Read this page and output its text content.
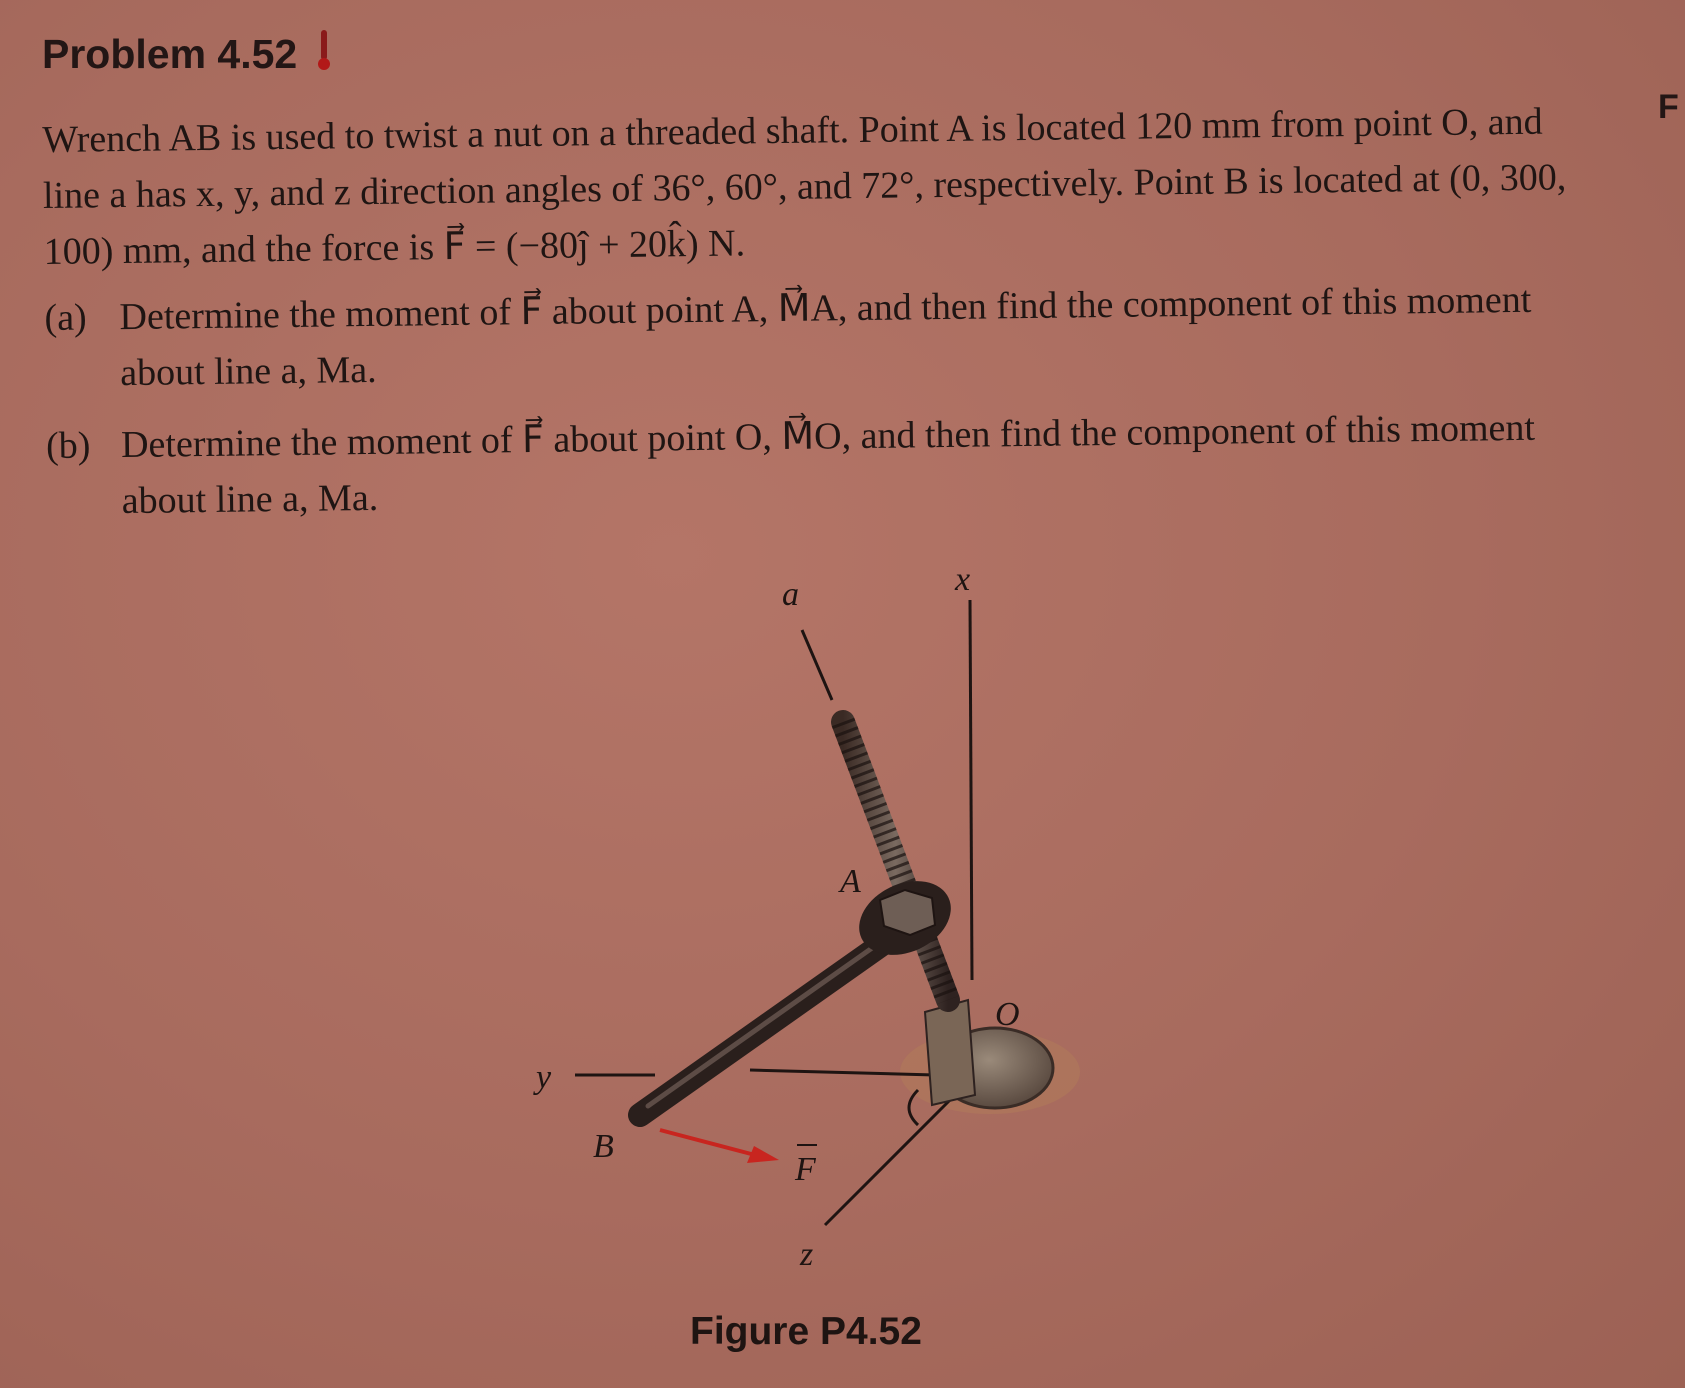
Problem 4.52
F

Wrench AB is used to twist a nut on a threaded shaft. Point A is located 120 mm from point O, and line a has x, y, and z direction angles of 36°, 60°, and 72°, respectively. Point B is located at (0, 300, 100) mm, and the force is F⃗ = (−80ĵ + 20k̂) N.

(a) Determine the moment of F⃗ about point A, M⃗A, and then find the component of this moment about line a, Ma.
(b) Determine the moment of F⃗ about point O, M⃗O, and then find the component of this moment about line a, Ma.
a	x
y
z
A
B
O
F
Figure P4.52
